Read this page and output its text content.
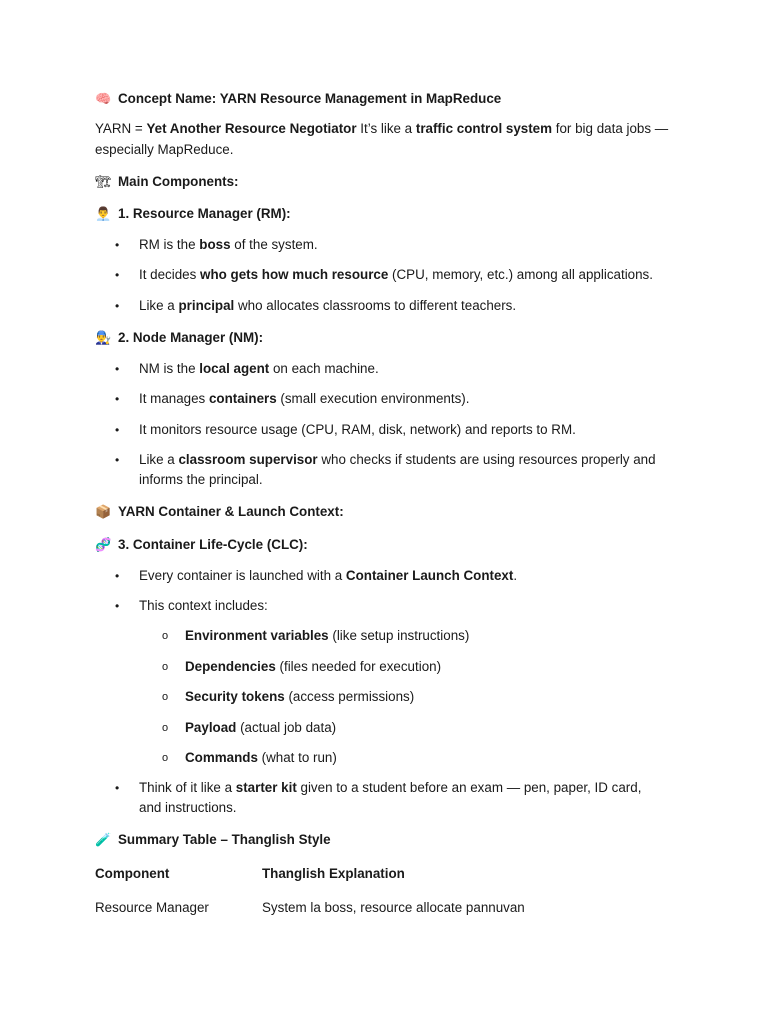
🧠 Concept Name: YARN Resource Management in MapReduce
YARN = Yet Another Resource Negotiator It’s like a traffic control system for big data jobs —
especially MapReduce.
🏗 Main Components:
👨‍💼 1. Resource Manager (RM):
• RM is the boss of the system.
• It decides who gets how much resource (CPU, memory, etc.) among all applications.
• Like a principal who allocates classrooms to different teachers.
👨‍🔧 2. Node Manager (NM):
• NM is the local agent on each machine.
• It manages containers (small execution environments).
• It monitors resource usage (CPU, RAM, disk, network) and reports to RM.
• Like a classroom supervisor who checks if students are using resources properly and
informs the principal.
📦 YARN Container & Launch Context:
🧬 3. Container Life-Cycle (CLC):
• Every container is launched with a Container Launch Context.
• This context includes:
o Environment variables (like setup instructions)
o Dependencies (files needed for execution)
o Security tokens (access permissions)
o Payload (actual job data)
o Commands (what to run)
• Think of it like a starter kit given to a student before an exam — pen, paper, ID card,
and instructions.
🧪 Summary Table – Thanglish Style
Component	Thanglish Explanation
Resource Manager	System la boss, resource allocate pannuvan
